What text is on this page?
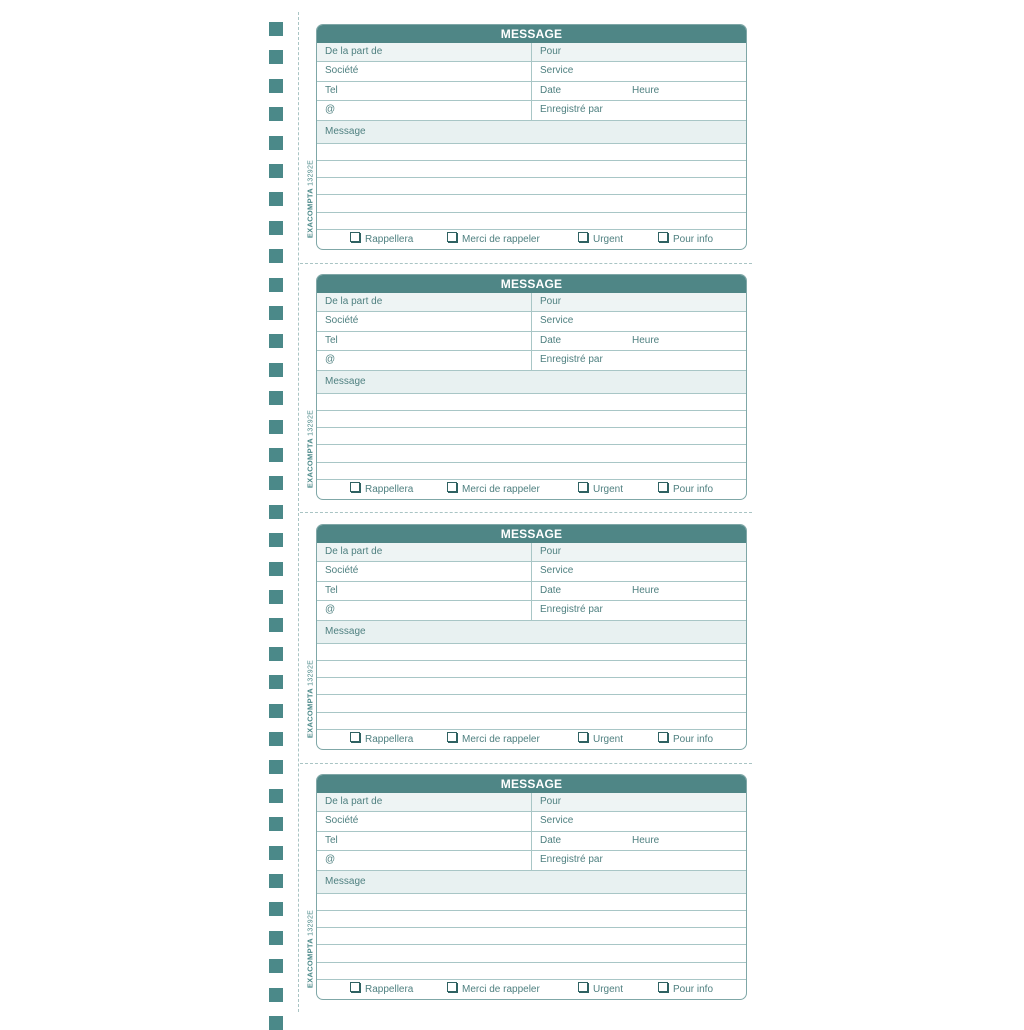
MESSAGE
De la part de	Pour
Société	Service
Tel	Date	Heure
@	Enregistré par
Message
Rappellera	Merci de rappeler	Urgent	Pour info
EXACOMPTA 13292E
MESSAGE
De la part de	Pour
Société	Service
Tel	Date	Heure
@	Enregistré par
Message
Rappellera	Merci de rappeler	Urgent	Pour info
EXACOMPTA 13292E
MESSAGE
De la part de	Pour
Société	Service
Tel	Date	Heure
@	Enregistré par
Message
Rappellera	Merci de rappeler	Urgent	Pour info
EXACOMPTA 13292E
MESSAGE
De la part de	Pour
Société	Service
Tel	Date	Heure
@	Enregistré par
Message
Rappellera	Merci de rappeler	Urgent	Pour info
EXACOMPTA 13292E
